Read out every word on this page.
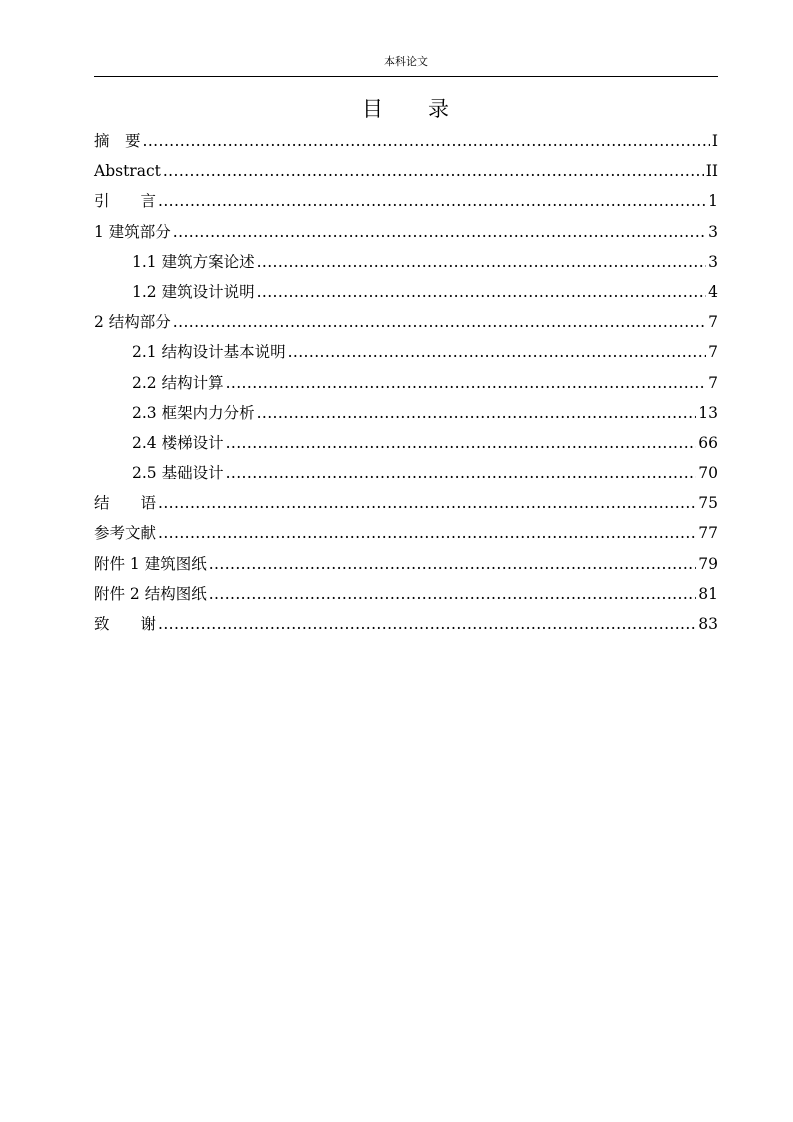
本科论文
目 录
摘　要 .....	I
Abstract .....	II
引　　言 .....	1
1 建筑部分 .....	3
1.1 建筑方案论述 .....	3
1.2 建筑设计说明 .....	4
2 结构部分 .....	7
2.1 结构设计基本说明 .....	7
2.2 结构计算 .....	7
2.3 框架内力分析 .....	13
2.4 楼梯设计 .....	66
2.5 基础设计 .....	70
结　　语 .....	75
参考文献 .....	77
附件 1 建筑图纸 .....	79
附件 2 结构图纸 .....	81
致　　谢 .....	83
